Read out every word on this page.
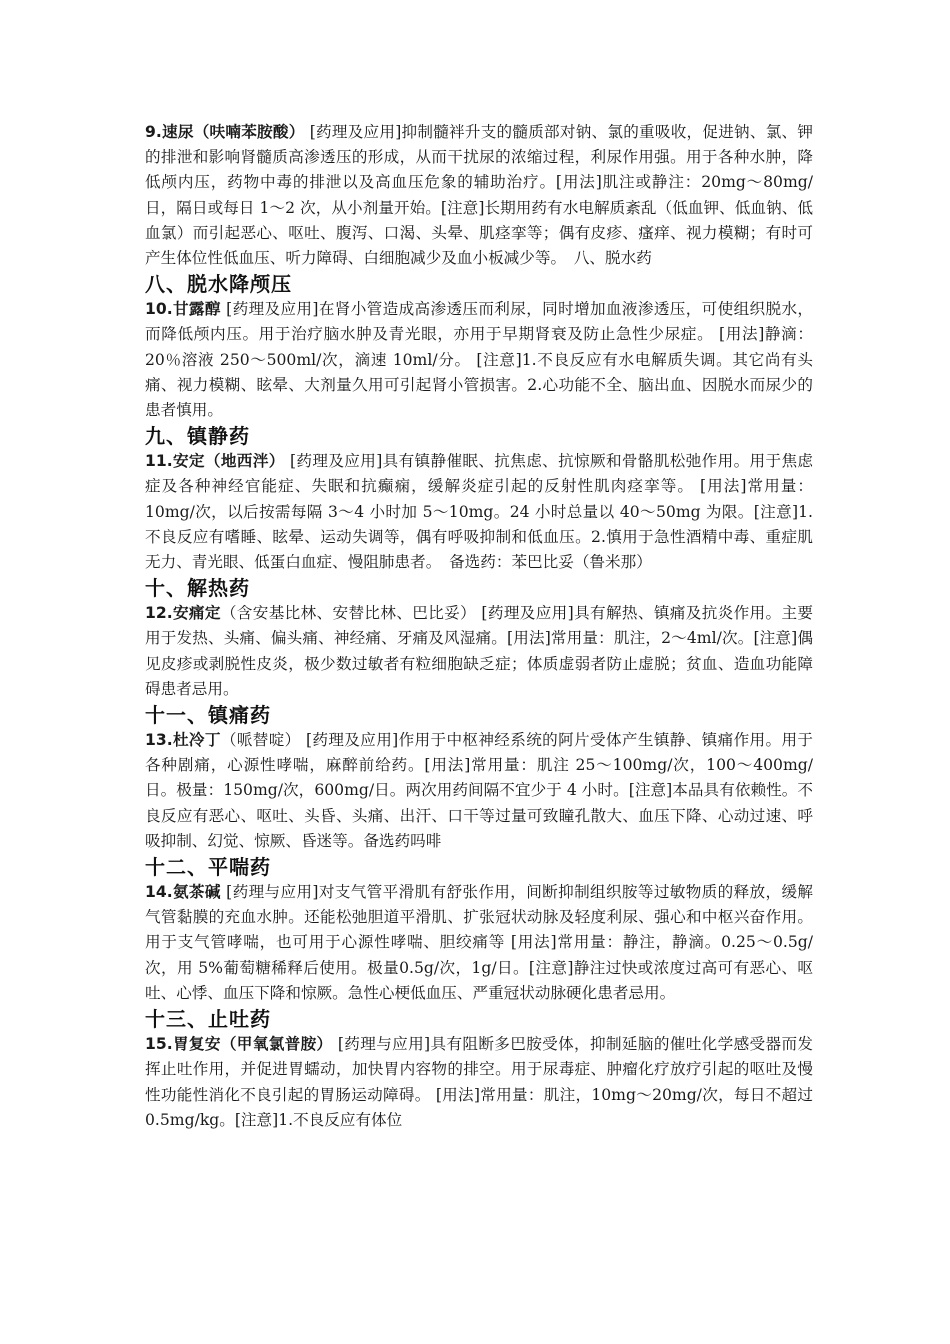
9.速尿（呋喃苯胺酸） [药理及应用]抑制髓袢升支的髓质部对钠、氯的重吸收，促进钠、氯、钾的排泄和影响肾髓质高渗透压的形成，从而干扰尿的浓缩过程，利尿作用强。用于各种水肿，降低颅内压，药物中毒的排泄以及高血压危象的辅助治疗。[用法]肌注或静注：20mg～80mg/日，隔日或每日 1～2 次，从小剂量开始。[注意]长期用药有水电解质紊乱（低血钾、低血钠、低血氯）而引起恶心、呕吐、腹泻、口渴、头晕、肌痉挛等；偶有皮疹、瘙痒、视力模糊；有时可产生体位性低血压、听力障碍、白细胞减少及血小板减少等。　八、脱水药

八、脱水降颅压

10.甘露醇 [药理及应用]在肾小管造成高渗透压而利尿，同时增加血液渗透压，可使组织脱水，而降低颅内压。用于治疗脑水肿及青光眼，亦用于早期肾衰及防止急性少尿症。 [用法]静滴：20％溶液 250～500ml/次，滴速 10ml/分。 [注意]1.不良反应有水电解质失调。其它尚有头痛、视力模糊、眩晕、大剂量久用可引起肾小管损害。2.心功能不全、脑出血、因脱水而尿少的患者慎用。

九、镇静药

11.安定（地西泮） [药理及应用]具有镇静催眠、抗焦虑、抗惊厥和骨骼肌松弛作用。用于焦虑症及各种神经官能症、失眠和抗癫痫，缓解炎症引起的反射性肌肉痉挛等。 [用法]常用量：10mg/次，以后按需每隔 3～4 小时加 5～10mg。24 小时总量以 40～50mg 为限。[注意]1.不良反应有嗜睡、眩晕、运动失调等，偶有呼吸抑制和低血压。2.慎用于急性酒精中毒、重症肌无力、青光眼、低蛋白血症、慢阻肺患者。　备选药：苯巴比妥（鲁米那）

十、解热药

12.安痛定（含安基比林、安替比林、巴比妥） [药理及应用]具有解热、镇痛及抗炎作用。主要用于发热、头痛、偏头痛、神经痛、牙痛及风湿痛。[用法]常用量：肌注，2～4ml/次。[注意]偶见皮疹或剥脱性皮炎，极少数过敏者有粒细胞缺乏症；体质虚弱者防止虚脱；贫血、造血功能障碍患者忌用。

十一、镇痛药

13.杜冷丁（哌替啶） [药理及应用]作用于中枢神经系统的阿片受体产生镇静、镇痛作用。用于各种剧痛，心源性哮喘，麻醉前给药。[用法]常用量：肌注 25～100mg/次，100～400mg/日。极量：150mg/次，600mg/日。两次用药间隔不宜少于 4 小时。[注意]本品具有依赖性。不良反应有恶心、呕吐、头昏、头痛、出汗、口干等过量可致瞳孔散大、血压下降、心动过速、呼吸抑制、幻觉、惊厥、昏迷等。备选药吗啡

十二、平喘药

14.氨茶碱 [药理与应用]对支气管平滑肌有舒张作用，间断抑制组织胺等过敏物质的释放，缓解气管黏膜的充血水肿。还能松弛胆道平滑肌、扩张冠状动脉及轻度利尿、强心和中枢兴奋作用。用于支气管哮喘，也可用于心源性哮喘、胆绞痛等 [用法]常用量：静注，静滴。0.25～0.5g/次，用 5%葡萄糖稀释后使用。极量0.5g/次，1g/日。[注意]静注过快或浓度过高可有恶心、呕吐、心悸、血压下降和惊厥。急性心梗低血压、严重冠状动脉硬化患者忌用。

十三、止吐药

15.胃复安（甲氧氯普胺） [药理与应用]具有阻断多巴胺受体，抑制延脑的催吐化学感受器而发挥止吐作用，并促进胃蠕动，加快胃内容物的排空。用于尿毒症、肿瘤化疗放疗引起的呕吐及慢性功能性消化不良引起的胃肠运动障碍。 [用法]常用量：肌注，10mg～20mg/次，每日不超过 0.5mg/kg。[注意]1.不良反应有体位
